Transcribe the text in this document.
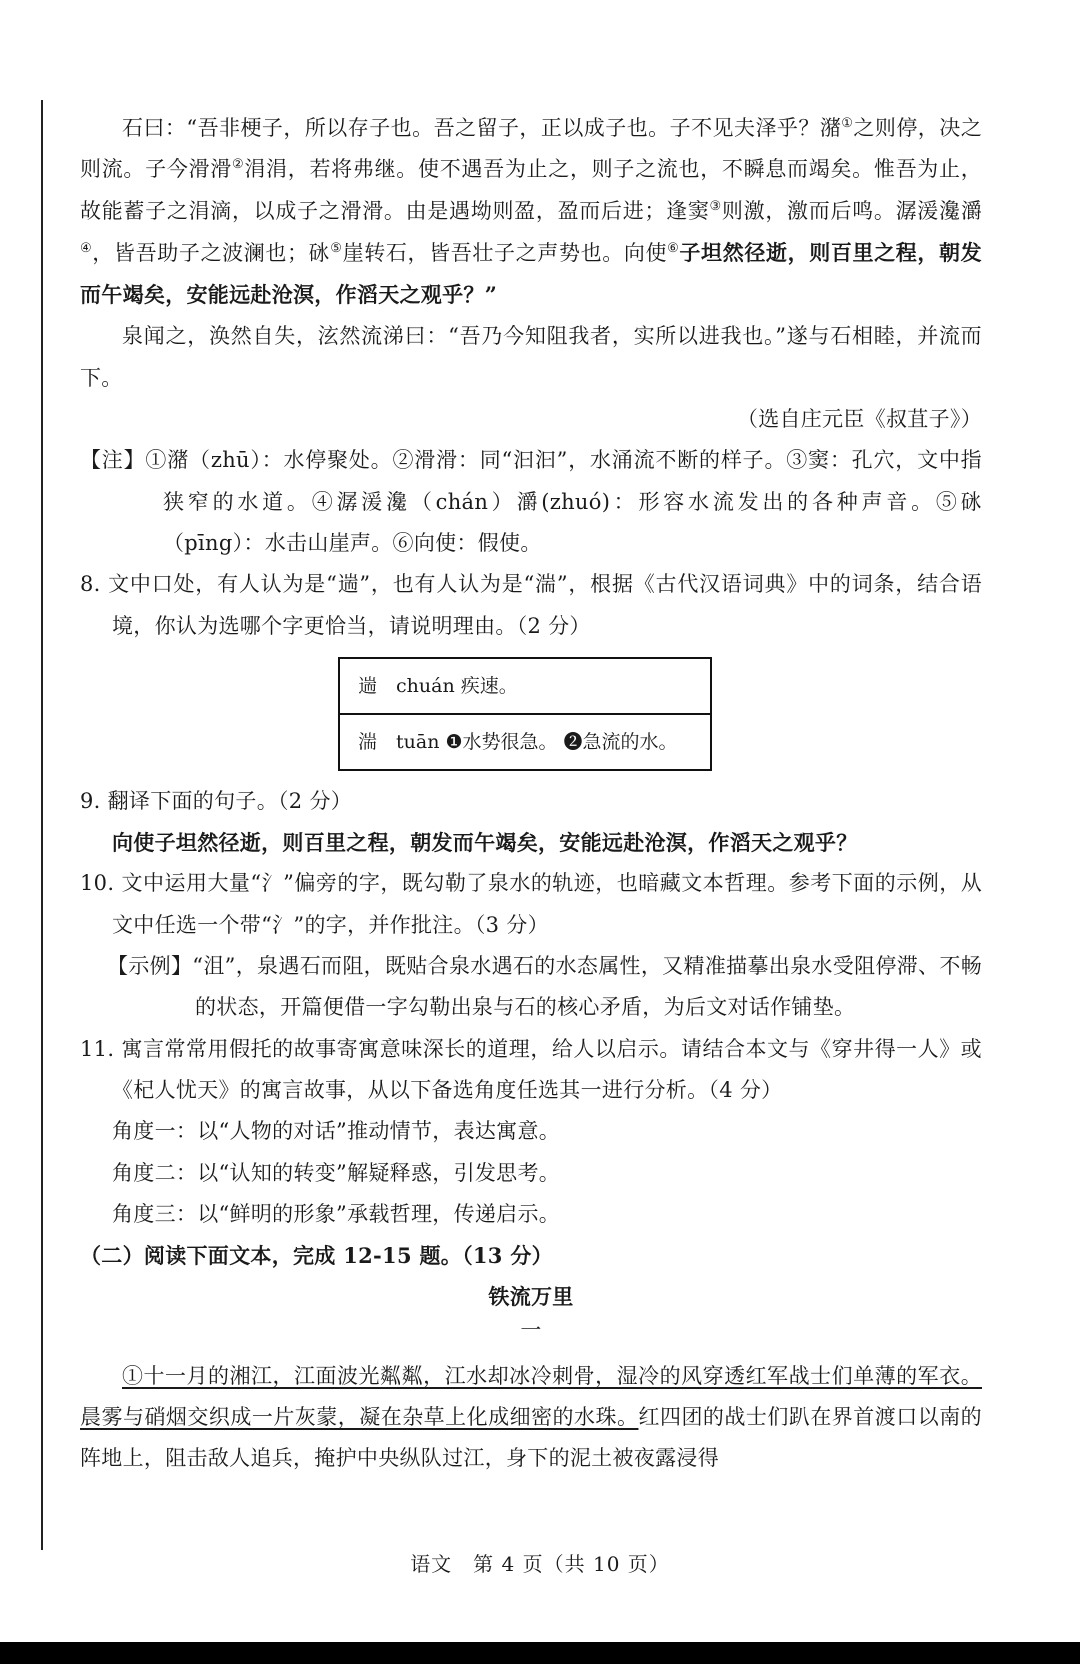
石曰：“吾非梗子，所以存子也。吾之留子，正以成子也。子不见夫泽乎？潴①之则停，决之则流。子今滑滑②涓涓，若将弗继。使不遇吾为止之，则子之流也，不瞬息而竭矣。惟吾为止，故能蓄子之涓滴，以成子之滑滑。由是遇坳则盈，盈而后进；逢窦③则激，激而后鸣。潺湲瀺灂④，皆吾助子之波澜也；砯⑤崖转石，皆吾壮子之声势也。向使⑥子坦然径逝，则百里之程，朝发而午竭矣，安能远赴沧溟，作滔天之观乎？”

泉闻之，涣然自失，泫然流涕曰：“吾乃今知阻我者，实所以进我也。”遂与石相睦，并流而下。

（选自庄元臣《叔苴子》）

【注】①潴（zhū）：水停聚处。②滑滑：同“汩汩”，水涌流不断的样子。③窦：孔穴，文中指狭窄的水道。④潺湲瀺（chán）灂(zhuó)：形容水流发出的各种声音。⑤砯（pīng）：水击山崖声。⑥向使：假使。

8. 文中口处，有人认为是“遄”，也有人认为是“湍”，根据《古代汉语词典》中的词条，结合语境，你认为选哪个字更恰当，请说明理由。（2 分）

遄　chuán 疾速。
湍　tuān ❶水势很急。 ❷急流的水。

9. 翻译下面的句子。（2 分）

向使子坦然径逝，则百里之程，朝发而午竭矣，安能远赴沧溟，作滔天之观乎？

10. 文中运用大量“氵”偏旁的字，既勾勒了泉水的轨迹，也暗藏文本哲理。参考下面的示例，从文中任选一个带“氵”的字，并作批注。（3 分）

【示例】“沮”，泉遇石而阻，既贴合泉水遇石的水态属性，又精准描摹出泉水受阻停滞、不畅的状态，开篇便借一字勾勒出泉与石的核心矛盾，为后文对话作铺垫。

11. 寓言常常用假托的故事寄寓意味深长的道理，给人以启示。请结合本文与《穿井得一人》或《杞人忧天》的寓言故事，从以下备选角度任选其一进行分析。（4 分）

角度一：以“人物的对话”推动情节，表达寓意。

角度二：以“认知的转变”解疑释惑，引发思考。

角度三：以“鲜明的形象”承载哲理，传递启示。

（二）阅读下面文本，完成 12-15 题。（13 分）

铁流万里

一

①十一月的湘江，江面波光粼粼，江水却冰冷刺骨，湿冷的风穿透红军战士们单薄的军衣。晨雾与硝烟交织成一片灰蒙，凝在杂草上化成细密的水珠。红四团的战士们趴在界首渡口以南的阵地上，阻击敌人追兵，掩护中央纵队过江，身下的泥土被夜露浸得

语文　第 4 页（共 10 页）
